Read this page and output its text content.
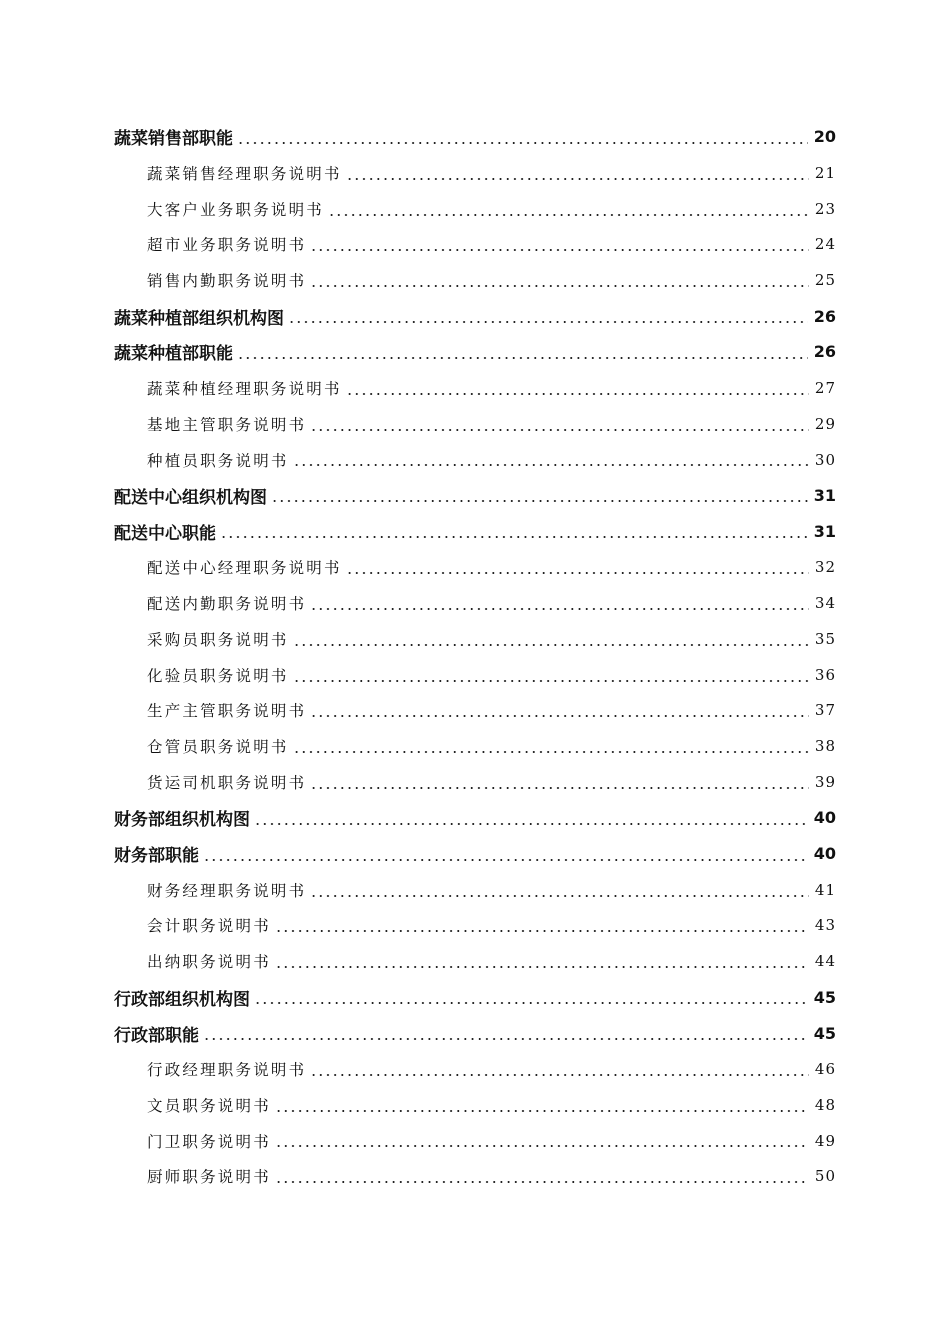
蔬菜销售部职能	20
蔬菜销售经理职务说明书	21
大客户业务职务说明书	23
超市业务职务说明书	24
销售内勤职务说明书	25
蔬菜种植部组织机构图	26
蔬菜种植部职能	26
蔬菜种植经理职务说明书	27
基地主管职务说明书	29
种植员职务说明书	30
配送中心组织机构图	31
配送中心职能	31
配送中心经理职务说明书	32
配送内勤职务说明书	34
采购员职务说明书	35
化验员职务说明书	36
生产主管职务说明书	37
仓管员职务说明书	38
货运司机职务说明书	39
财务部组织机构图	40
财务部职能	40
财务经理职务说明书	41
会计职务说明书	43
出纳职务说明书	44
行政部组织机构图	45
行政部职能	45
行政经理职务说明书	46
文员职务说明书	48
门卫职务说明书	49
厨师职务说明书	50
